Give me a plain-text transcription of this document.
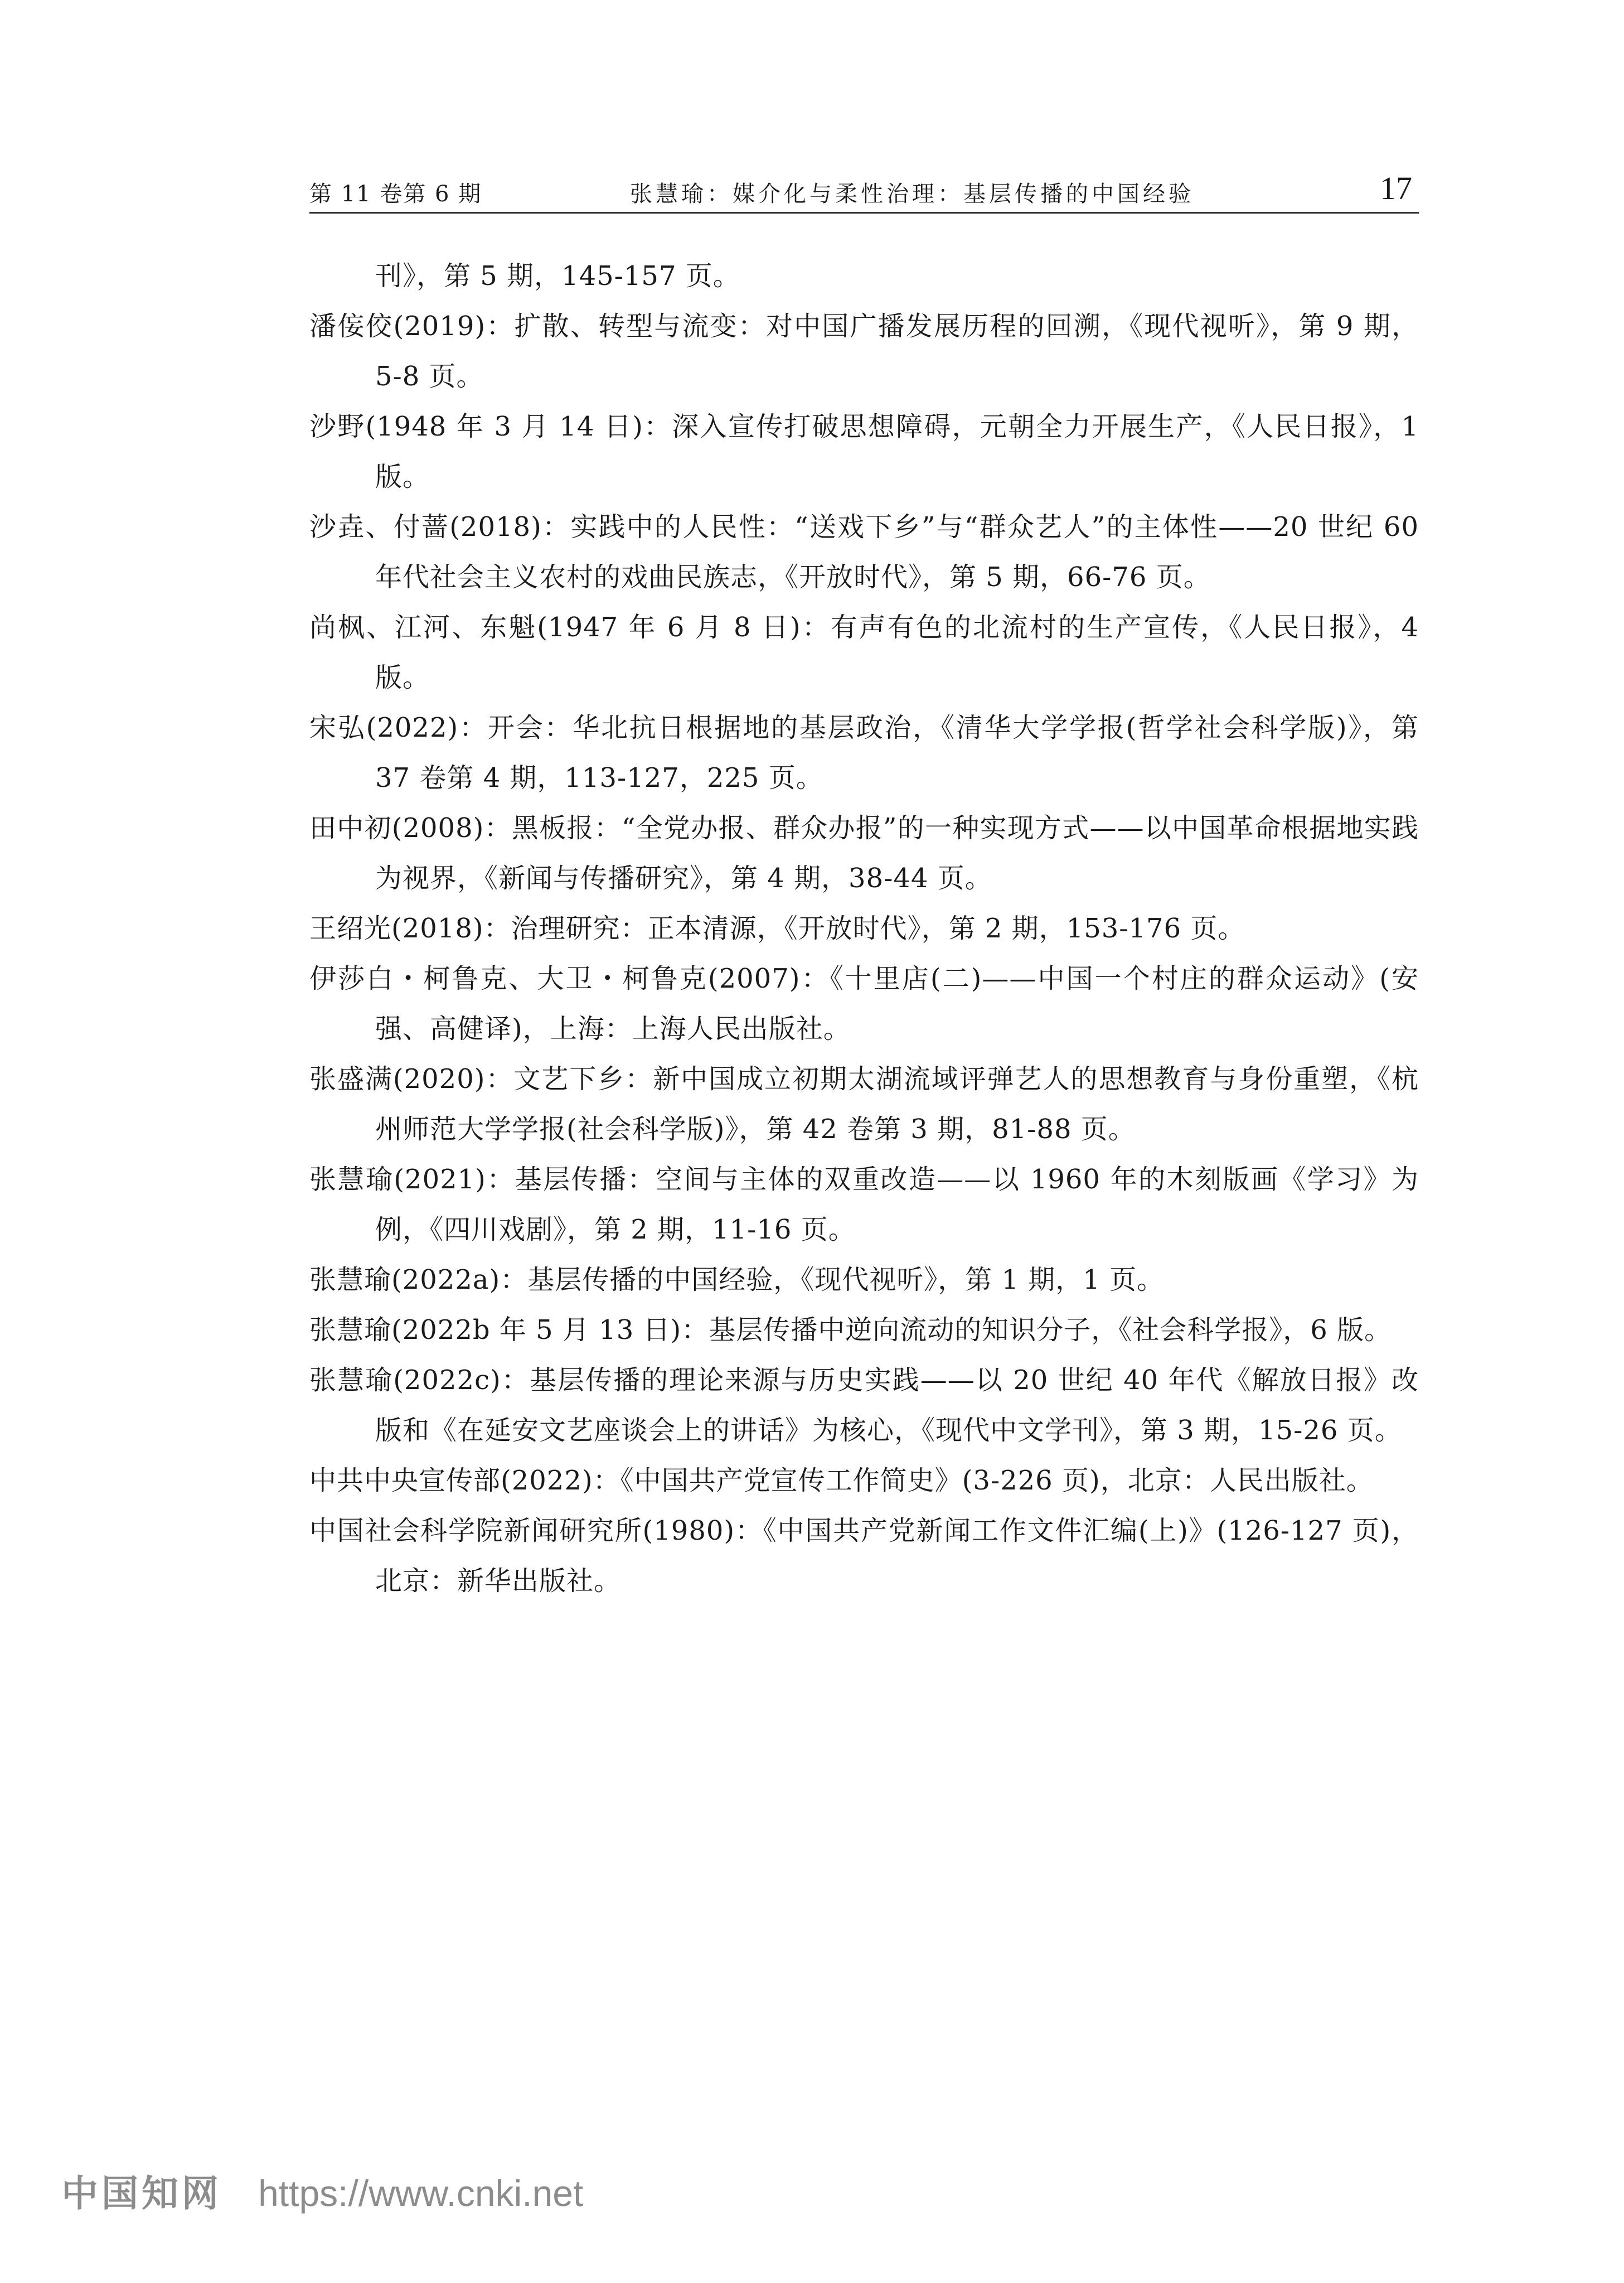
第 11 卷第 6 期	张慧瑜：媒介化与柔性治理：基层传播的中国经验	17

刊》，第 5 期，145-157 页。

潘侫佼(2019)：扩散、转型与流变：对中国广播发展历程的回溯，《现代视听》，第 9 期，5-8 页。

沙野(1948 年 3 月 14 日)：深入宣传打破思想障碍，元朝全力开展生产，《人民日报》，1 版。

沙垚、付蔷(2018)：实践中的人民性：“送戏下乡”与“群众艺人”的主体性——20 世纪 60 年代社会主义农村的戏曲民族志，《开放时代》，第 5 期，66-76 页。

尚枫、江河、东魁(1947 年 6 月 8 日)：有声有色的北流村的生产宣传，《人民日报》，4 版。

宋弘(2022)：开会：华北抗日根据地的基层政治，《清华大学学报(哲学社会科学版)》，第 37 卷第 4 期，113-127，225 页。

田中初(2008)：黑板报：“全党办报、群众办报”的一种实现方式——以中国革命根据地实践为视界，《新闻与传播研究》，第 4 期，38-44 页。

王绍光(2018)：治理研究：正本清源，《开放时代》，第 2 期，153-176 页。

伊莎白・柯鲁克、大卫・柯鲁克(2007)：《十里店(二)——中国一个村庄的群众运动》(安强、高健译)，上海：上海人民出版社。

张盛满(2020)：文艺下乡：新中国成立初期太湖流域评弹艺人的思想教育与身份重塑，《杭州师范大学学报(社会科学版)》，第 42 卷第 3 期，81-88 页。

张慧瑜(2021)：基层传播：空间与主体的双重改造——以 1960 年的木刻版画《学习》为例，《四川戏剧》，第 2 期，11-16 页。

张慧瑜(2022a)：基层传播的中国经验，《现代视听》，第 1 期，1 页。

张慧瑜(2022b 年 5 月 13 日)：基层传播中逆向流动的知识分子，《社会科学报》，6 版。

张慧瑜(2022c)：基层传播的理论来源与历史实践——以 20 世纪 40 年代《解放日报》改版和《在延安文艺座谈会上的讲话》为核心，《现代中文学刊》，第 3 期，15-26 页。

中共中央宣传部(2022)：《中国共产党宣传工作简史》(3-226 页)，北京：人民出版社。

中国社会科学院新闻研究所(1980)：《中国共产党新闻工作文件汇编(上)》(126-127 页)，北京：新华出版社。

中国知网 https://www.cnki.net
